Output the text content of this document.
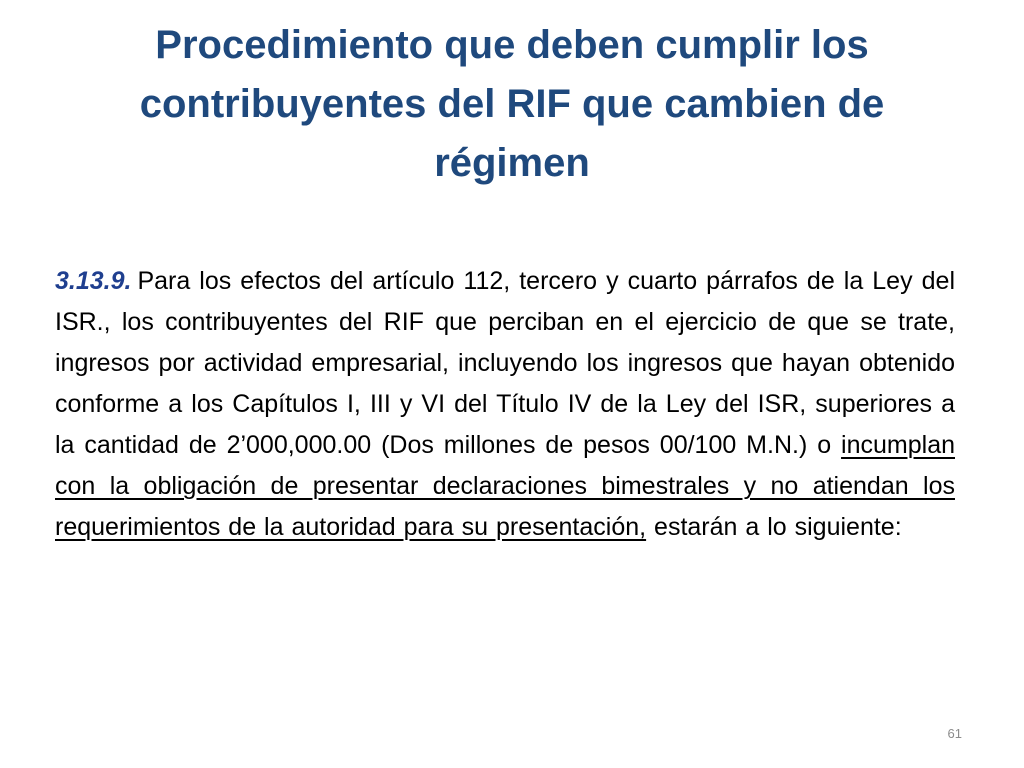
Procedimiento que deben cumplir los contribuyentes del RIF que cambien de régimen

3.13.9. Para los efectos del artículo 112, tercero y cuarto párrafos de la Ley del ISR., los contribuyentes del RIF que perciban en el ejercicio de que se trate, ingresos por actividad empresarial, incluyendo los ingresos que hayan obtenido conforme a los Capítulos I, III y VI del Título IV de la Ley del ISR, superiores a la cantidad de 2’000,000.00 (Dos millones de pesos 00/100 M.N.) o incumplan con la obligación de presentar declaraciones bimestrales y no atiendan los requerimientos de la autoridad para su presentación, estarán a lo siguiente:

61
